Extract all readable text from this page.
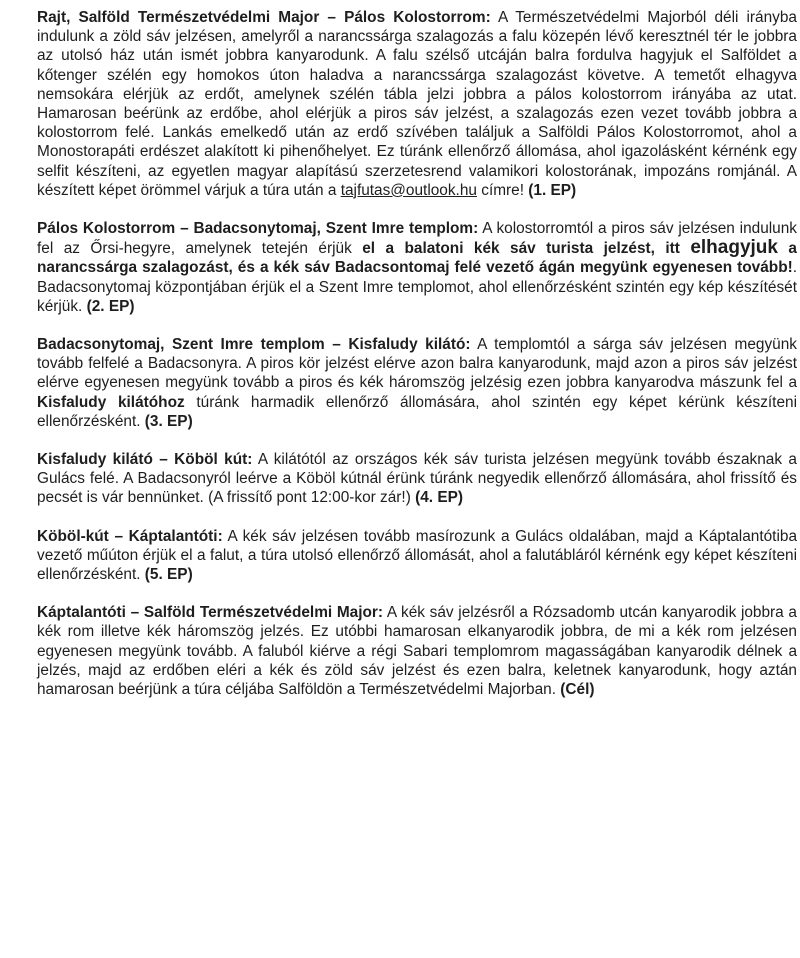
Rajt, Salföld Természetvédelmi Major – Pálos Kolostorrom: A Természetvédelmi Majorból déli irányba indulunk a zöld sáv jelzésen, amelyről a narancssárga szalagozás a falu közepén lévő keresztnél tér le jobbra az utolsó ház után ismét jobbra kanyarodunk. A falu szélső utcáján balra fordulva hagyjuk el Salföldet a kőtenger szélén egy homokos úton haladva a narancssárga szalagozást követve. A temetőt elhagyva nemsokára elérjük az erdőt, amelynek szélén tábla jelzi jobbra a pálos kolostorrom irányába az utat. Hamarosan beérünk az erdőbe, ahol elérjük a piros sáv jelzést, a szalagozás ezen vezet tovább jobbra a kolostorrom felé. Lankás emelkedő után az erdő szívében találjuk a Salföldi Pálos Kolostorromot, ahol a Monostorapáti erdészet alakított ki pihenőhelyet. Ez túránk ellenőrző állomása, ahol igazolásként kérnénk egy selfit készíteni, az egyetlen magyar alapítású szerzetesrend valamikori kolostorának, impozáns romjánál. A készített képet örömmel várjuk a túra után a tajfutas@outlook.hu címre! (1. EP)

Pálos Kolostorrom – Badacsonytomaj, Szent Imre templom: A kolostorromtól a piros sáv jelzésen indulunk fel az Őrsi-hegyre, amelynek tetején érjük el a balatoni kék sáv turista jelzést, itt elhagyjuk a narancssárga szalagozást, és a kék sáv Badacsontomaj felé vezető ágán megyünk egyenesen tovább!. Badacsonytomaj központjában érjük el a Szent Imre templomot, ahol ellenőrzésként szintén egy kép készítését kérjük. (2. EP)

Badacsonytomaj, Szent Imre templom – Kisfaludy kilátó: A templomtól a sárga sáv jelzésen megyünk tovább felfelé a Badacsonyra. A piros kör jelzést elérve azon balra kanyarodunk, majd azon a piros sáv jelzést elérve egyenesen megyünk tovább a piros és kék háromszög jelzésig ezen jobbra kanyarodva mászunk fel a Kisfaludy kilátóhoz túránk harmadik ellenőrző állomására, ahol szintén egy képet kérünk készíteni ellenőrzésként. (3. EP)

Kisfaludy kilátó – Köböl kút: A kilátótól az országos kék sáv turista jelzésen megyünk tovább északnak a Gulács felé. A Badacsonyról leérve a Köböl kútnál érünk túránk negyedik ellenőrző állomására, ahol frissítő és pecsét is vár bennünket. (A frissítő pont 12:00-kor zár!) (4. EP)

Köböl-kút – Káptalantóti: A kék sáv jelzésen tovább masírozunk a Gulács oldalában, majd a Káptalantótiba vezető műúton érjük el a falut, a túra utolsó ellenőrző állomását, ahol a falutábláról kérnénk egy képet készíteni ellenőrzésként. (5. EP)

Káptalantóti – Salföld Természetvédelmi Major: A kék sáv jelzésről a Rózsadomb utcán kanyarodik jobbra a kék rom illetve kék háromszög jelzés. Ez utóbbi hamarosan elkanyarodik jobbra, de mi a kék rom jelzésen egyenesen megyünk tovább. A faluból kiérve a régi Sabari templomrom magasságában kanyarodik délnek a jelzés, majd az erdőben eléri a kék és zöld sáv jelzést és ezen balra, keletnek kanyarodunk, hogy aztán hamarosan beérjünk a túra céljába Salföldön a Természetvédelmi Majorban. (Cél)
